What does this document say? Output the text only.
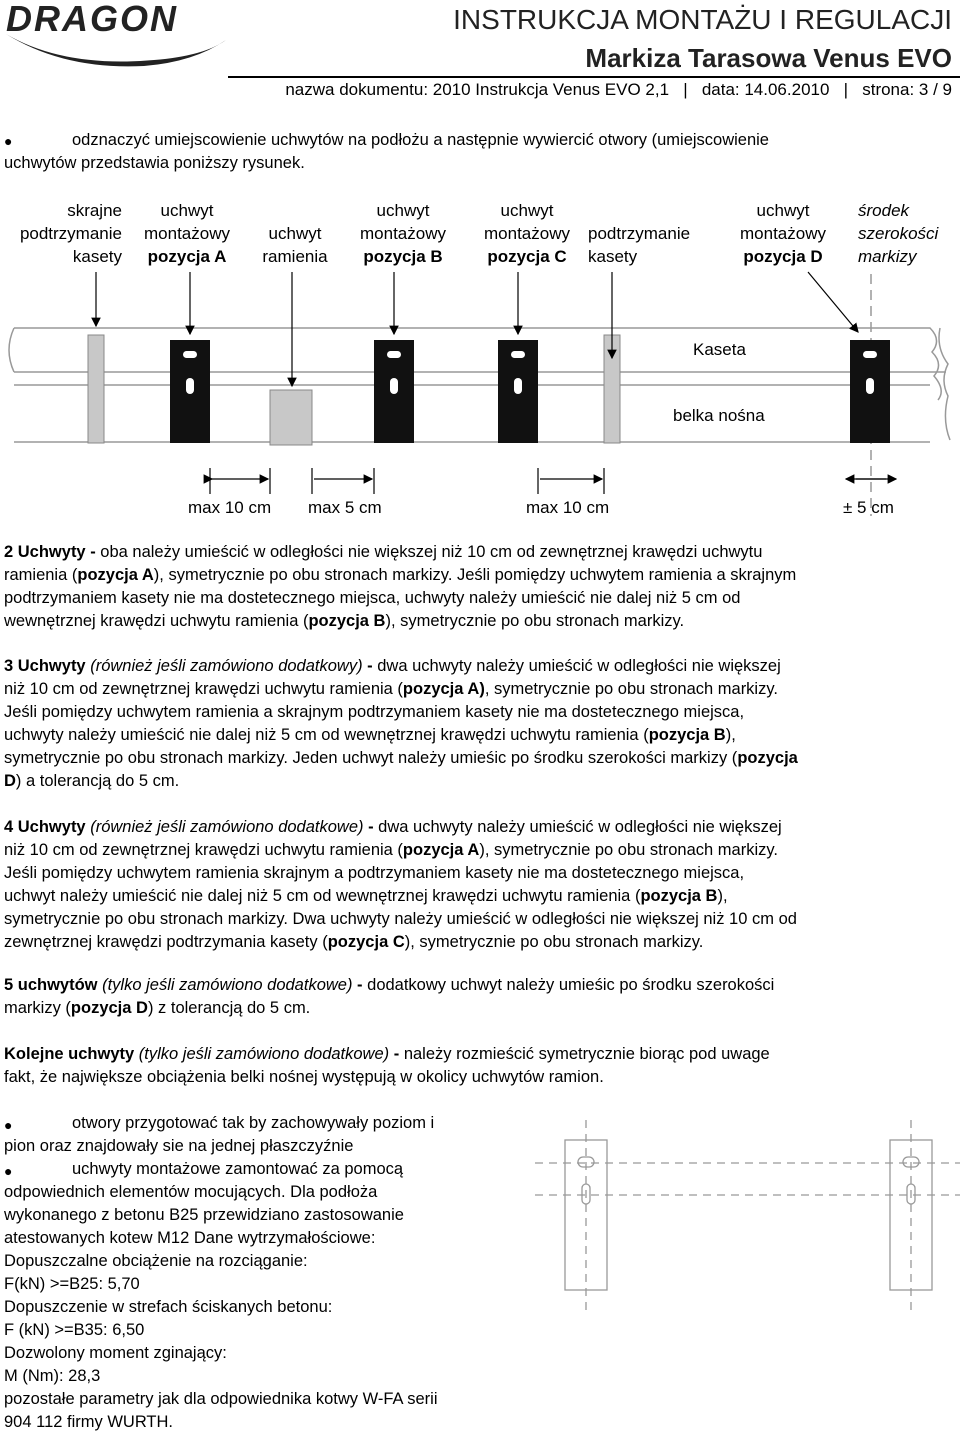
DRAGON	INSTRUKCJA MONTAŻU I REGULACJI
Markiza Tarasowa Venus EVO
nazwa dokumentu: 2010 Instrukcja Venus EVO 2,1   |   data: 14.06.2010   |   strona: 3 / 9
●	odznaczyć umiejscowienie uchwytów na podłożu a następnie wywiercić otwory (umiejscowienie
uchwytów przedstawia poniższy rysunek.
skrajne
podtrzymanie
kasety
uchwyt
montażowy
pozycja A
uchwyt
ramienia
uchwyt
montażowy
pozycja B
uchwyt
montażowy
pozycja C
podtrzymanie
kasety
uchwyt
montażowy
pozycja D
środek
szerokości
markizy
Kaseta
belka nośna
max 10 cm max 5 cm	max 10 cm	± 5 cm
2 Uchwyty - oba należy umieścić w odległości nie większej niż 10 cm od zewnętrznej krawędzi uchwytu
ramienia (pozycja A), symetrycznie po obu stronach markizy. Jeśli pomiędzy uchwytem ramienia a skrajnym
podtrzymaniem kasety nie ma dostetecznego miejsca, uchwyty należy umieścić nie dalej niż 5 cm od
wewnętrznej krawędzi uchwytu ramienia (pozycja B), symetrycznie po obu stronach markizy.
3 Uchwyty (również jeśli zamówiono dodatkowy) - dwa uchwyty należy umieścić w odległości nie większej
niż 10 cm od zewnętrznej krawędzi uchwytu ramienia (pozycja A), symetrycznie po obu stronach markizy.
Jeśli pomiędzy uchwytem ramienia a skrajnym podtrzymaniem kasety nie ma dostetecznego miejsca,
uchwyty należy umieścić nie dalej niż 5 cm od wewnętrznej krawędzi uchwytu ramienia (pozycja B),
symetrycznie po obu stronach markizy. Jeden uchwyt należy umieśic po środku szerokości markizy (pozycja
D) a tolerancją do 5 cm.
4 Uchwyty (również jeśli zamówiono dodatkowe) - dwa uchwyty należy umieścić w odległości nie większej
niż 10 cm od zewnętrznej krawędzi uchwytu ramienia (pozycja A), symetrycznie po obu stronach markizy.
Jeśli pomiędzy uchwytem ramienia skrajnym a podtrzymaniem kasety nie ma dostetecznego miejsca,
uchwyt należy umieścić nie dalej niż 5 cm od wewnętrznej krawędzi uchwytu ramienia (pozycja B),
symetrycznie po obu stronach markizy. Dwa uchwyty należy umieścić w odległości nie większej niż 10 cm od
zewnętrznej krawędzi podtrzymania kasety (pozycja C), symetrycznie po obu stronach markizy.
5 uchwytów (tylko jeśli zamówiono dodatkowe) - dodatkowy uchwyt należy umieśic po środku szerokości
markizy (pozycja D) z tolerancją do 5 cm.
Kolejne uchwyty (tylko jeśli zamówiono dodatkowe) - należy rozmieścić symetrycznie biorąc pod uwage
fakt, że największe obciążenia belki nośnej występują w okolicy uchwytów ramion.
●
●
otwory przygotować tak by zachowywały poziom i
pion oraz znajdowały sie na jednej płaszczyźnie
uchwyty montażowe zamontować za pomocą
odpowiednich elementów mocujących. Dla podłoża
wykonanego z betonu B25 przewidziano zastosowanie
atestowanych kotew M12 Dane wytrzymałościowe:
Dopuszczalne obciążenie na rozciąganie:
F(kN) >=B25: 5,70
Dopuszczenie w strefach ściskanych betonu:
F (kN) >=B35: 6,50
Dozwolony moment zginający:
M (Nm): 28,3
pozostałe parametry jak dla odpowiednika kotwy W-FA serii
904 112 firmy WURTH.
